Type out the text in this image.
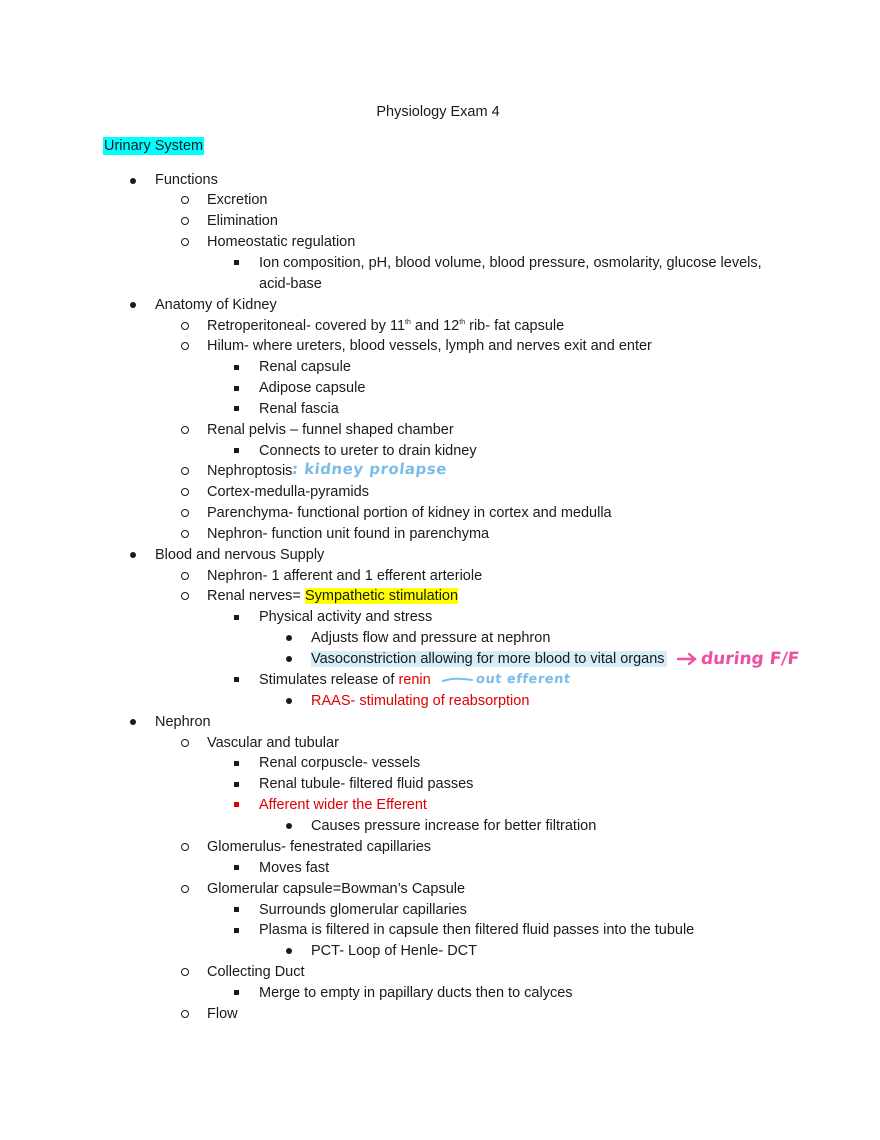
Physiology Exam 4
Urinary System
Functions
Excretion
Elimination
Homeostatic regulation
Ion composition, pH, blood volume, blood pressure, osmolarity, glucose levels,
acid-base
Anatomy of Kidney
Retroperitoneal- covered by 11th and 12th rib- fat capsule
Hilum- where ureters, blood vessels, lymph and nerves exit and enter
Renal capsule
Adipose capsule
Renal fascia
Renal pelvis – funnel shaped chamber
Connects to ureter to drain kidney
Nephroptosis
: kidney prolapse
Cortex-medulla-pyramids
Parenchyma- functional portion of kidney in cortex and medulla
Nephron- function unit found in parenchyma
Blood and nervous Supply
Nephron- 1 afferent and 1 efferent arteriole
Renal nerves= Sympathetic stimulation
Physical activity and stress
Adjusts flow and pressure at nephron
Vasoconstriction allowing for more blood to vital organs during F/F
Stimulates release of renin	out efferent
RAAS- stimulating of reabsorption
Nephron
Vascular and tubular
Renal corpuscle- vessels
Renal tubule- filtered fluid passes
Afferent wider the Efferent
Causes pressure increase for better filtration
Glomerulus- fenestrated capillaries
Moves fast
Glomerular capsule=Bowman’s Capsule
Surrounds glomerular capillaries
Plasma is filtered in capsule then filtered fluid passes into the tubule
PCT- Loop of Henle- DCT
Collecting Duct
Merge to empty in papillary ducts then to calyces
Flow
